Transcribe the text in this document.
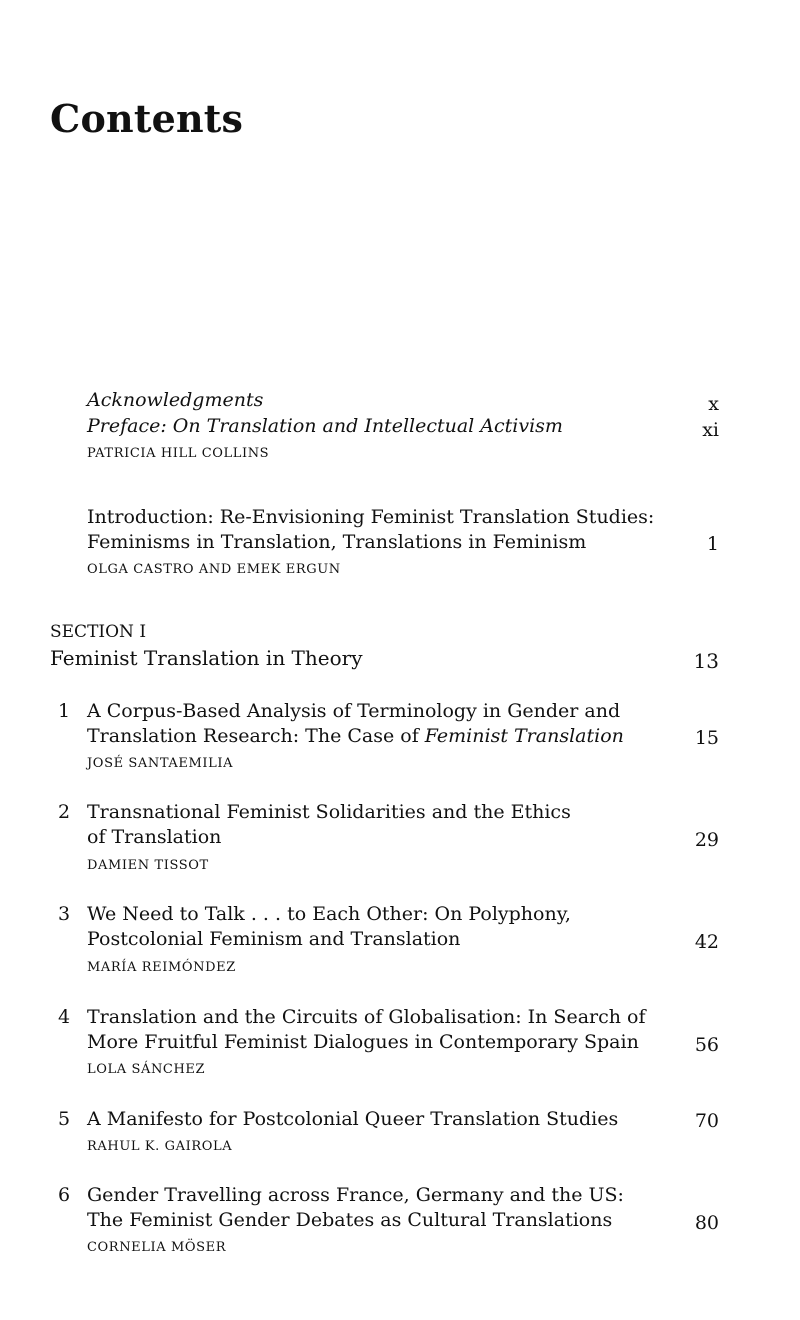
Contents
Acknowledgments	x
Preface: On Translation and Intellectual Activism	xi
PATRICIA HILL COLLINS
Introduction: Re-Envisioning Feminist Translation Studies:
Feminisms in Translation, Translations in Feminism	1
OLGA CASTRO AND EMEK ERGUN
SECTION I
Feminist Translation in Theory	13
1 A Corpus-Based Analysis of Terminology in Gender and
Translation Research: The Case of Feminist Translation	15
JOSÉ SANTAEMILIA
2 Transnational Feminist Solidarities and the Ethics
of Translation	29
DAMIEN TISSOT
3 We Need to Talk . . . to Each Other: On Polyphony,
Postcolonial Feminism and Translation	42
MARÍA REIMÓNDEZ
4 Translation and the Circuits of Globalisation: In Search of
More Fruitful Feminist Dialogues in Contemporary Spain	56
LOLA SÁNCHEZ
5 A Manifesto for Postcolonial Queer Translation Studies	70
RAHUL K. GAIROLA
6 Gender Travelling across France, Germany and the US:
The Feminist Gender Debates as Cultural Translations	80
CORNELIA MÖSER
